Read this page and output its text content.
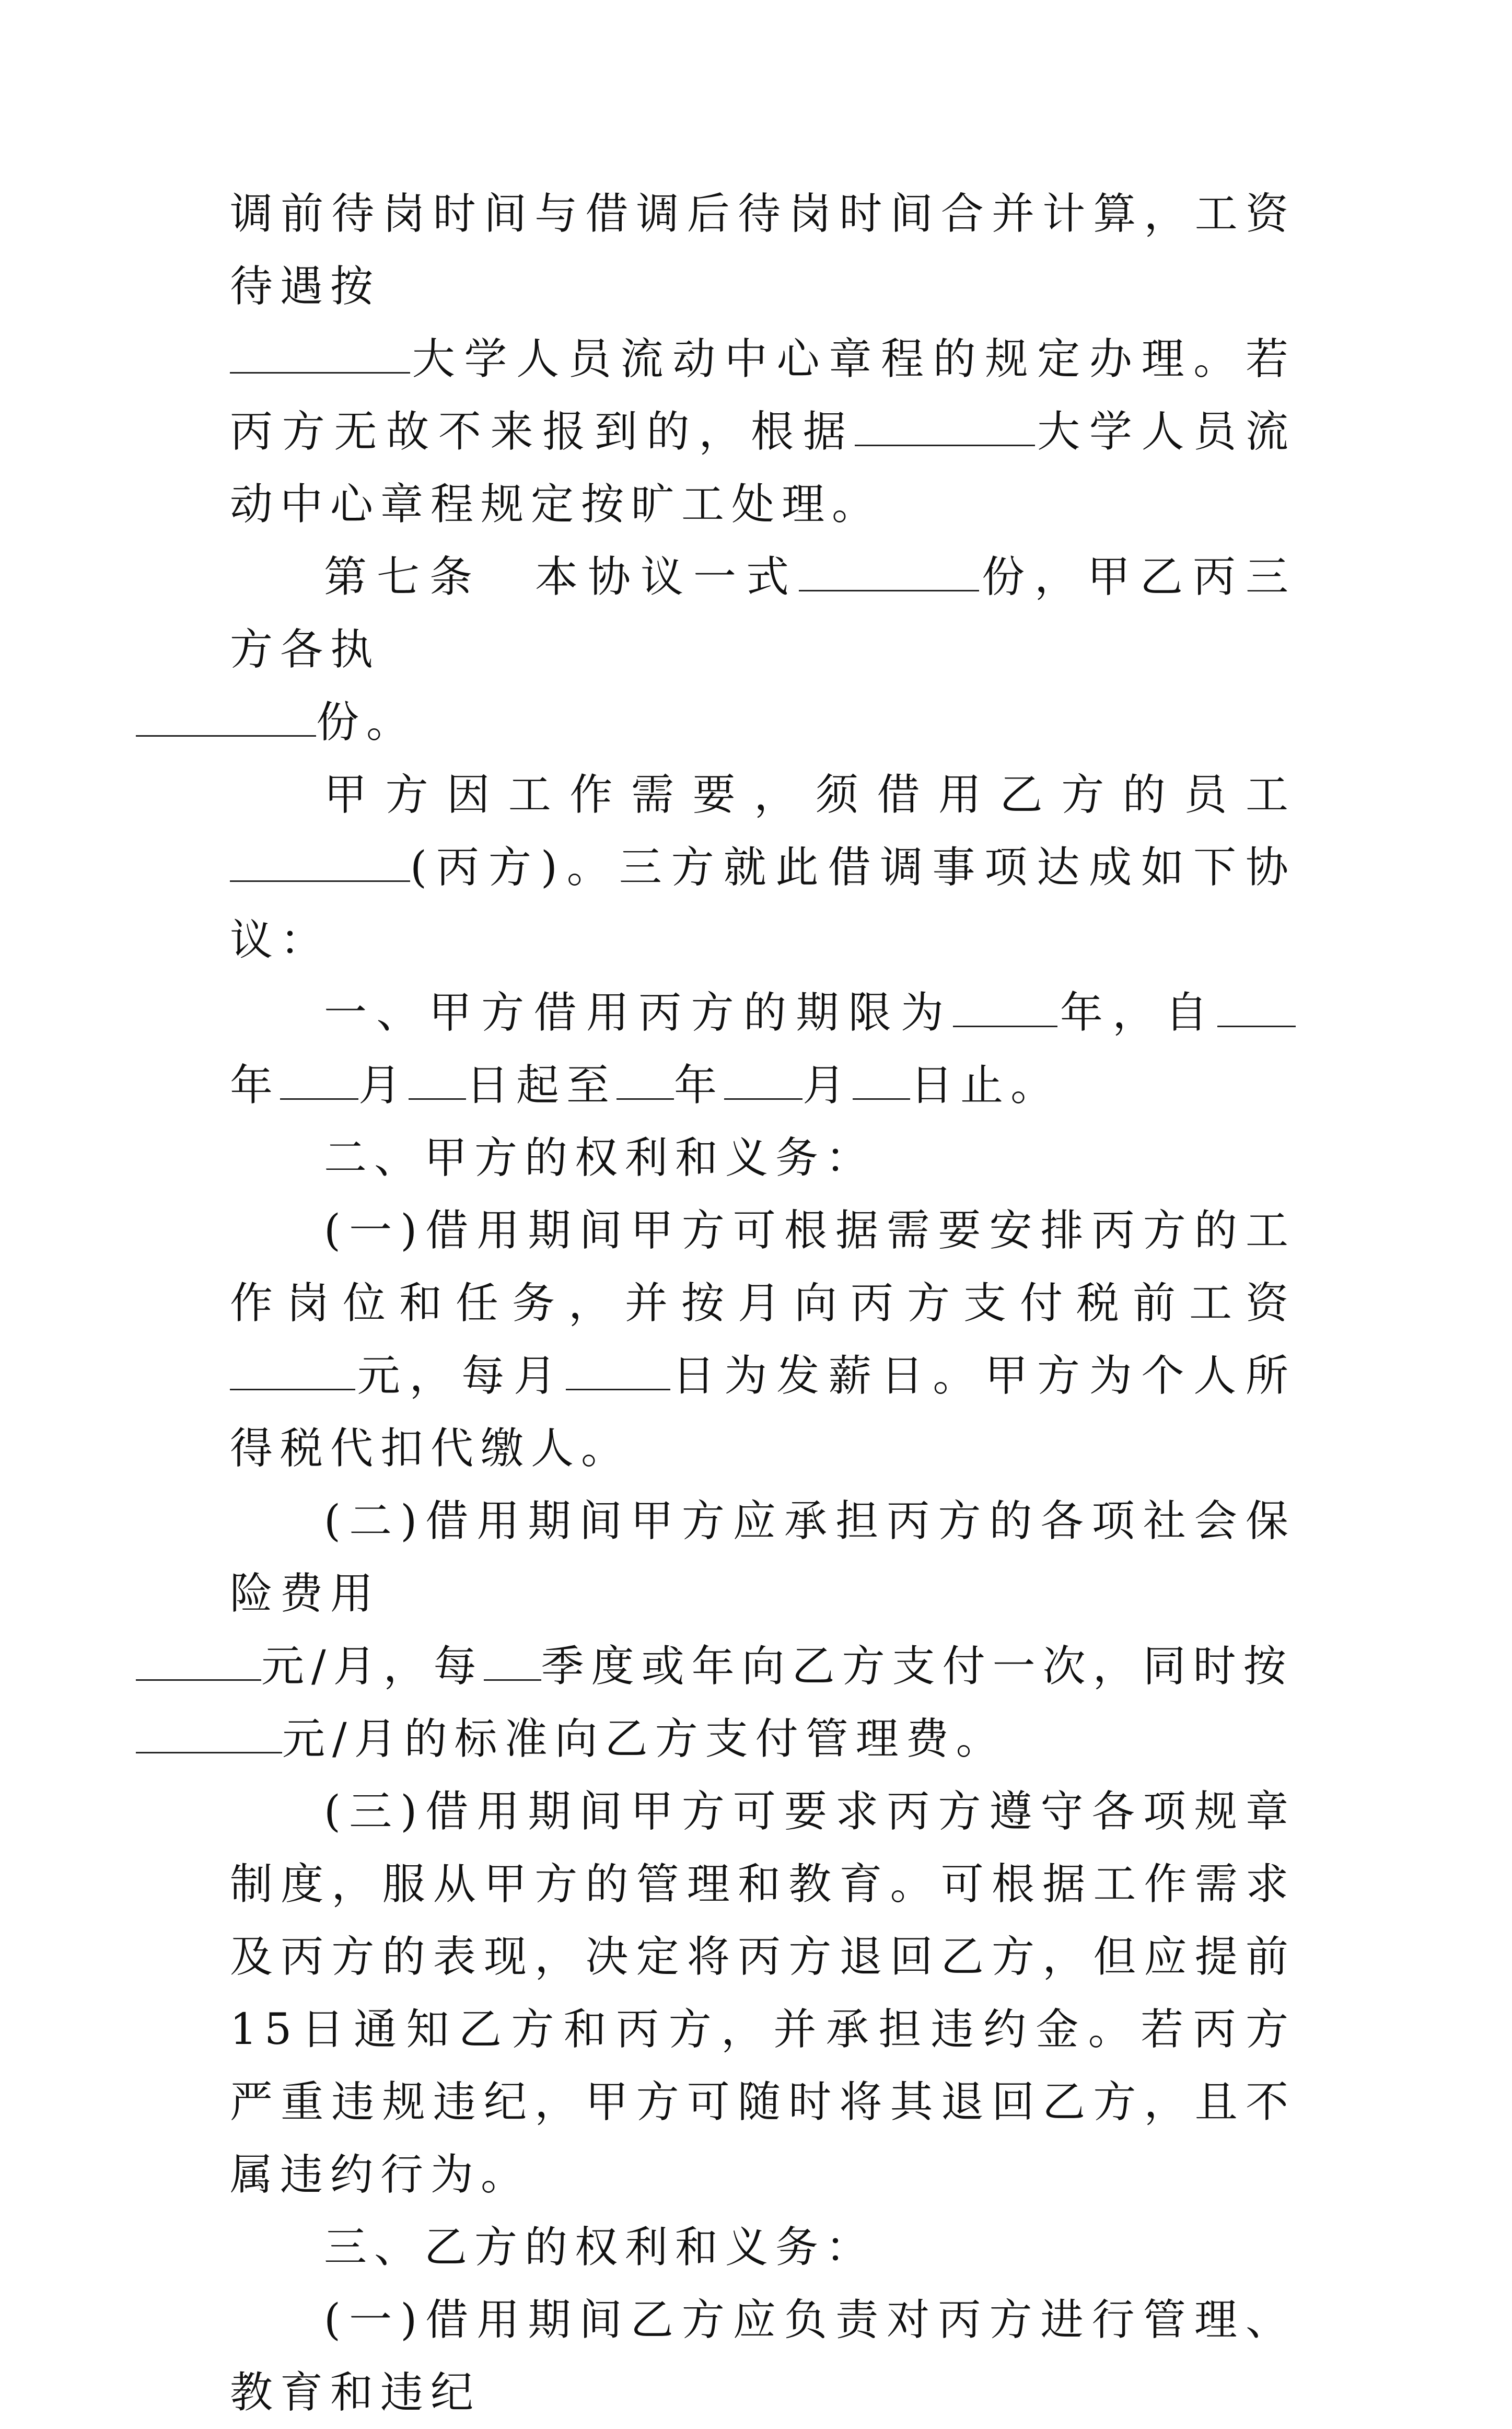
调前待岗时间与借调后待岗时间合并计算，工资待遇按
大学人员流动中心章程的规定办理。若丙方无故不来报到的，根据	大学人员流动中心章程规定按旷工处理。

第七条　本协议一式	份，甲乙丙三方各执
份。

甲方因工作需要，须借用乙方的员工(丙方)。三方就此借调事项达成如下协议：

一、甲方借用丙方的期限为 年，自年 月 日起至 年 月 日止。

二、甲方的权利和义务：

(一)借用期间甲方可根据需要安排丙方的工作岗位和任务，并按月向丙方支付税前工资元，每月 日为发薪日。甲方为个人所得税代扣代缴人。

(二)借用期间甲方应承担丙方的各项社会保险费用
元/月，每 季度或年向乙方支付一次，同时按
元/月的标准向乙方支付管理费。

(三)借用期间甲方可要求丙方遵守各项规章制度，服从甲方的管理和教育。可根据工作需求及丙方的表现，决定将丙方退回乙方，但应提前15日通知乙方和丙方，并承担违约金。若丙方严重违规违纪，甲方可随时将其退回乙方，且不属违约行为。

三、乙方的权利和义务：

(一)借用期间乙方应负责对丙方进行管理、教育和违纪
